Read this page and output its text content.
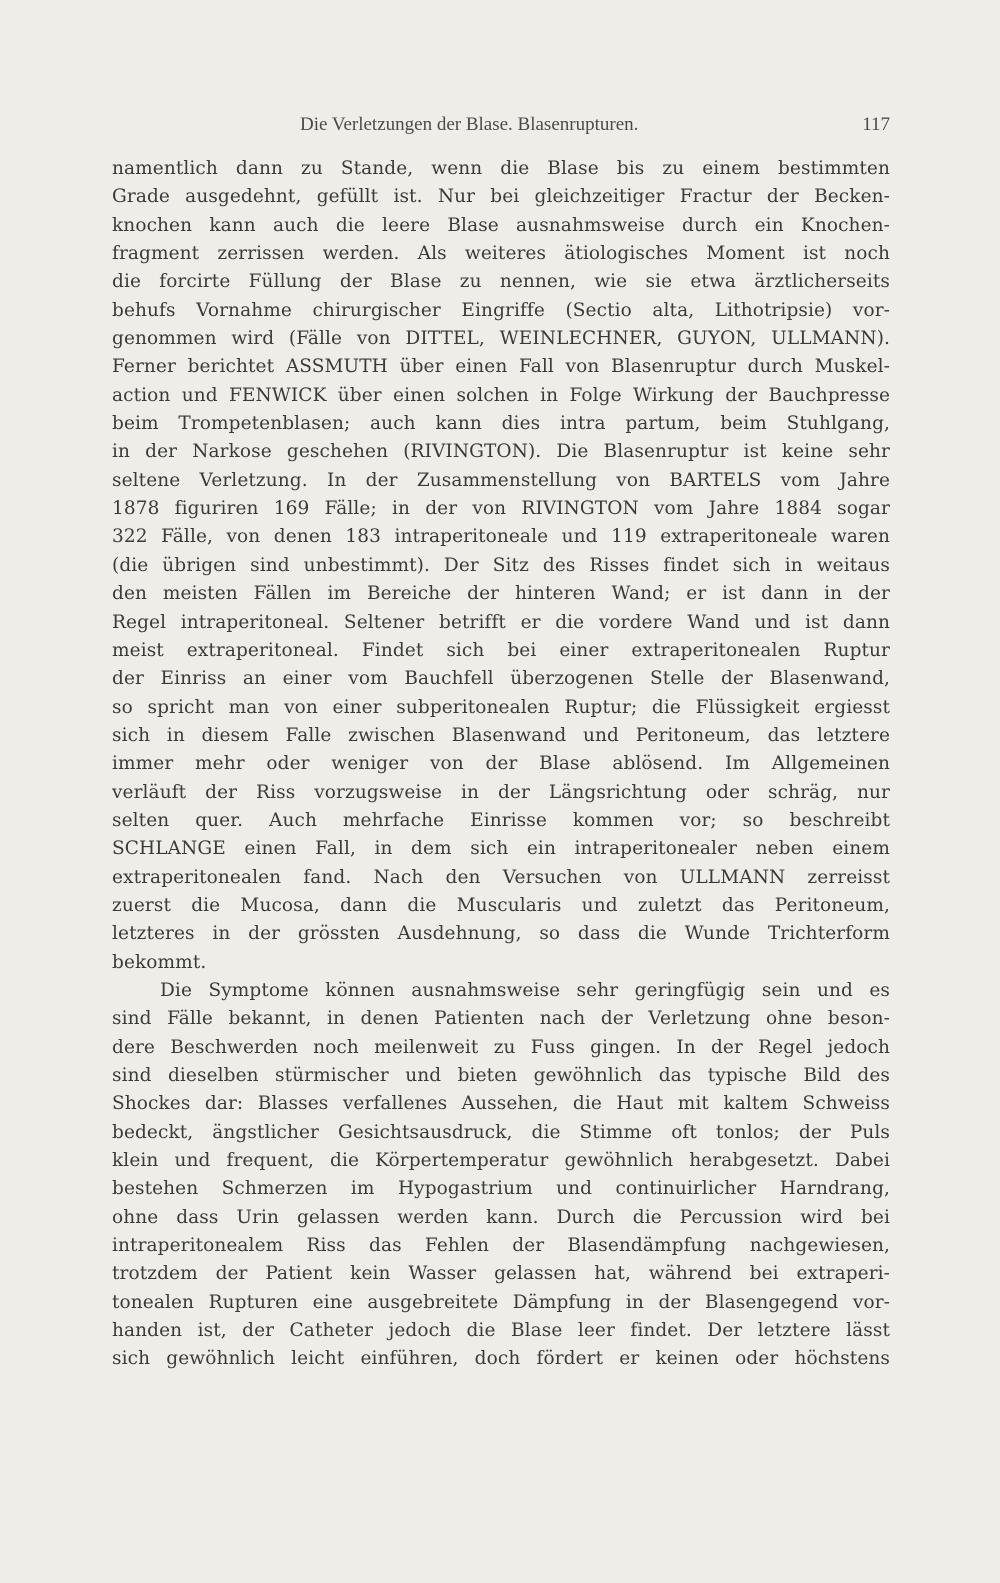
Die Verletzungen der Blase. Blasenrupturen.	117
namentlich dann zu Stande, wenn die Blase bis zu einem bestimmten
Grade ausgedehnt, gefüllt ist. Nur bei gleichzeitiger Fractur der Becken-
knochen kann auch die leere Blase ausnahmsweise durch ein Knochen-
fragment zerrissen werden. Als weiteres ätiologisches Moment ist noch
die forcirte Füllung der Blase zu nennen, wie sie etwa ärztlicherseits
behufs Vornahme chirurgischer Eingriffe (Sectio alta, Lithotripsie) vor-
genommen wird (Fälle von DITTEL, WEINLECHNER, GUYON, ULLMANN).
Ferner berichtet ASSMUTH über einen Fall von Blasenruptur durch Muskel-
action und FENWICK über einen solchen in Folge Wirkung der Bauchpresse
beim Trompetenblasen; auch kann dies intra partum, beim Stuhlgang,
in der Narkose geschehen (RIVINGTON). Die Blasenruptur ist keine sehr
seltene Verletzung. In der Zusammenstellung von BARTELS vom Jahre
1878 figuriren 169 Fälle; in der von RIVINGTON vom Jahre 1884 sogar
322 Fälle, von denen 183 intraperitoneale und 119 extraperitoneale waren
(die übrigen sind unbestimmt). Der Sitz des Risses findet sich in weitaus
den meisten Fällen im Bereiche der hinteren Wand; er ist dann in der
Regel intraperitoneal. Seltener betrifft er die vordere Wand und ist dann
meist extraperitoneal. Findet sich bei einer extraperitonealen Ruptur
der Einriss an einer vom Bauchfell überzogenen Stelle der Blasenwand,
so spricht man von einer subperitonealen Ruptur; die Flüssigkeit ergiesst
sich in diesem Falle zwischen Blasenwand und Peritoneum, das letztere
immer mehr oder weniger von der Blase ablösend. Im Allgemeinen
verläuft der Riss vorzugsweise in der Längsrichtung oder schräg, nur
selten quer. Auch mehrfache Einrisse kommen vor; so beschreibt
SCHLANGE einen Fall, in dem sich ein intraperitonealer neben einem
extraperitonealen fand. Nach den Versuchen von ULLMANN zerreisst
zuerst die Mucosa, dann die Muscularis und zuletzt das Peritoneum,
letzteres in der grössten Ausdehnung, so dass die Wunde Trichterform
bekommt.
Die Symptome können ausnahmsweise sehr geringfügig sein und es
sind Fälle bekannt, in denen Patienten nach der Verletzung ohne beson-
dere Beschwerden noch meilenweit zu Fuss gingen. In der Regel jedoch
sind dieselben stürmischer und bieten gewöhnlich das typische Bild des
Shockes dar: Blasses verfallenes Aussehen, die Haut mit kaltem Schweiss
bedeckt, ängstlicher Gesichtsausdruck, die Stimme oft tonlos; der Puls
klein und frequent, die Körpertemperatur gewöhnlich herabgesetzt. Dabei
bestehen Schmerzen im Hypogastrium und continuirlicher Harndrang,
ohne dass Urin gelassen werden kann. Durch die Percussion wird bei
intraperitonealem Riss das Fehlen der Blasendämpfung nachgewiesen,
trotzdem der Patient kein Wasser gelassen hat, während bei extraperi-
tonealen Rupturen eine ausgebreitete Dämpfung in der Blasengegend vor-
handen ist, der Catheter jedoch die Blase leer findet. Der letztere lässt
sich gewöhnlich leicht einführen, doch fördert er keinen oder höchstens
